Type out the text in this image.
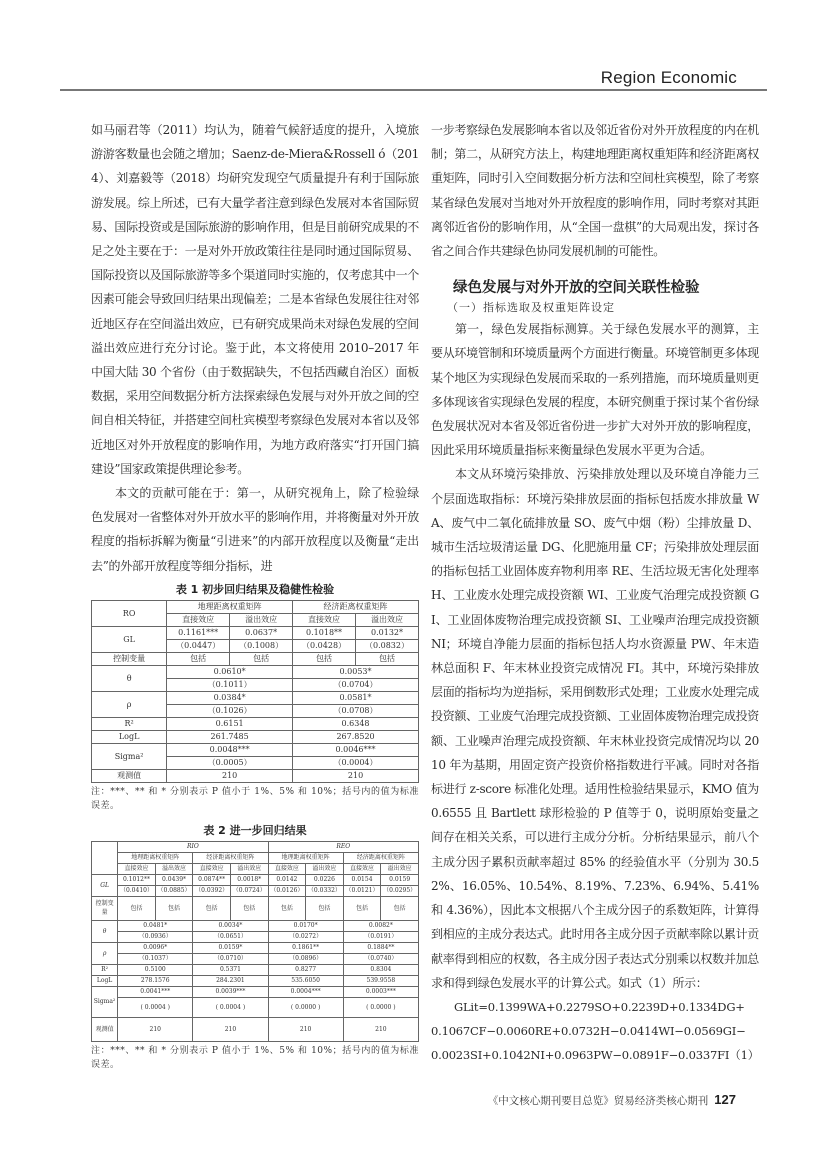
Region Economic

如马丽君等（2011）均认为，随着气候舒适度的提升，入境旅游游客数量也会随之增加；Saenz-de-Miera&Rossell ó（2014）、刘嘉毅等（2018）均研究发现空气质量提升有利于国际旅游发展。综上所述，已有大量学者注意到绿色发展对本省国际贸易、国际投资或是国际旅游的影响作用，但是目前研究成果的不足之处主要在于：一是对外开放政策往往是同时通过国际贸易、国际投资以及国际旅游等多个渠道同时实施的，仅考虑其中一个因素可能会导致回归结果出现偏差；二是本省绿色发展往往对邻近地区存在空间溢出效应，已有研究成果尚未对绿色发展的空间溢出效应进行充分讨论。鉴于此，本文将使用 2010–2017 年中国大陆 30 个省份（由于数据缺失，不包括西藏自治区）面板数据，采用空间数据分析方法探索绿色发展与对外开放之间的空间自相关特征，并搭建空间杜宾模型考察绿色发展对本省以及邻近地区对外开放程度的影响作用，为地方政府落实“打开国门搞建设”国家政策提供理论参考。

本文的贡献可能在于：第一，从研究视角上，除了检验绿色发展对一省整体对外开放水平的影响作用，并将衡量对外开放程度的指标拆解为衡量“引进来”的内部开放程度以及衡量“走出去”的外部开放程度等细分指标，进

表 1 初步回归结果及稳健性检验
RO	地理距离权重矩阵		经济距离权重矩阵	
	直接效应	溢出效应	直接效应	溢出效应
GL	0.1161***	0.0637*	0.1018**	0.0132*
	（0.0447）	（0.1008）	（0.0428）	（0.0832）
控制变量	包括	包括	包括	包括
θ	0.0610*		0.0053*	
	（0.1011）		（0.0704）	
ρ	0.0384*		0.0581*	
	（0.1026）		（0.0708）	
R²	0.6151		0.6348	
LogL	261.7485		267.8520	
Sigma²	0.0048***		0.0046***	
	（0.0005）		（0.0004）	
观测值	210		210	
注：***、** 和 * 分别表示 P 值小于 1%、5% 和 10%；括号内的值为标准误差。
表 2 进一步回归结果
	RIO				REO			
	地理距离权重矩阵		经济距离权重矩阵		地理距离权重矩阵		经济距离权重矩阵	
	直接效应	溢出效应	直接效应	溢出效应	直接效应	溢出效应	直接效应	溢出效应
GL	0.1012**	0.0439*	0.0874**	0.0018*	0.0142	0.0226	0.0154	0.0159
	（0.0410）	（0.0885）	（0.0392）	（0.0724）	（0.0126）	（0.0332）	（0.0121）	（0.0295）
控制变量	包括	包括	包括	包括	包括	包括	包括	包括
θ	0.0481*		0.0034*		0.0170*		0.0082*	
	（0.0936）		（0.0651）		（0.0272）		（0.0191）	
ρ	0.0096*		0.0159*		0.1861**		0.1884**	
	（0.1037）		（0.0710）		（0.0896）		（0.0740）	
R²	0.5100		0.5371		0.8277		0.8304	
LogL	278.1576		284.2301		535.6050		539.9558	
Sigma²	0.0041***		0.0039***		0.0004***		0.0003***	
	( 0.0004 )		( 0.0004 )		( 0.0000 )		( 0.0000 )	
观测值	210		210		210		210	
注：***、** 和 * 分别表示 P 值小于 1%、5% 和 10%；括号内的值为标准误差。

一步考察绿色发展影响本省以及邻近省份对外开放程度的内在机制；第二，从研究方法上，构建地理距离权重矩阵和经济距离权重矩阵，同时引入空间数据分析方法和空间杜宾模型，除了考察某省绿色发展对当地对外开放程度的影响作用，同时考察对其距离邻近省份的影响作用，从“全国一盘棋”的大局观出发，探讨各省之间合作共建绿色协同发展机制的可能性。

绿色发展与对外开放的空间关联性检验
（一）指标选取及权重矩阵设定

第一，绿色发展指标测算。关于绿色发展水平的测算，主要从环境管制和环境质量两个方面进行衡量。环境管制更多体现某个地区为实现绿色发展而采取的一系列措施，而环境质量则更多体现该省实现绿色发展的程度，本研究侧重于探讨某个省份绿色发展状况对本省及邻近省份进一步扩大对外开放的影响程度，因此采用环境质量指标来衡量绿色发展水平更为合适。

本文从环境污染排放、污染排放处理以及环境自净能力三个层面选取指标：环境污染排放层面的指标包括废水排放量 WA、废气中二氧化硫排放量 SO、废气中烟（粉）尘排放量 D、城市生活垃圾清运量 DG、化肥施用量 CF；污染排放处理层面的指标包括工业固体废弃物利用率 RE、生活垃圾无害化处理率 H、工业废水处理完成投资额 WI、工业废气治理完成投资额 GI、工业固体废物治理完成投资额 SI、工业噪声治理完成投资额 NI；环境自净能力层面的指标包括人均水资源量 PW、年末造林总面积 F、年末林业投资完成情况 FI。其中，环境污染排放层面的指标均为逆指标，采用倒数形式处理；工业废水处理完成投资额、工业废气治理完成投资额、工业固体废物治理完成投资额、工业噪声治理完成投资额、年末林业投资完成情况均以 2010 年为基期，用固定资产投资价格指数进行平减。同时对各指标进行 z-score 标准化处理。适用性检验结果显示，KMO 值为 0.6555 且 Bartlett 球形检验的 P 值等于 0，说明原始变量之间存在相关关系，可以进行主成分分析。分析结果显示，前八个主成分因子累积贡献率超过 85% 的经验值水平（分别为 30.52%、16.05%、10.54%、8.19%、7.23%、6.94%、5.41% 和 4.36%），因此本文根据八个主成分因子的系数矩阵，计算得到相应的主成分表达式。此时用各主成分因子贡献率除以累计贡献率得到相应的权数，各主成分因子表达式分别乘以权数并加总求和得到绿色发展水平的计算公式。如式（1）所示：

GLit=0.1399WA+0.2279SO+0.2239D+0.1334DG+
0.1067CF−0.0060RE+0.0732H−0.0414WI−0.0569GI−
0.0023SI+0.1042NI+0.0963PW−0.0891F−0.0337FI （1）
《中文核心期刊要目总览》贸易经济类核心期刊 127
